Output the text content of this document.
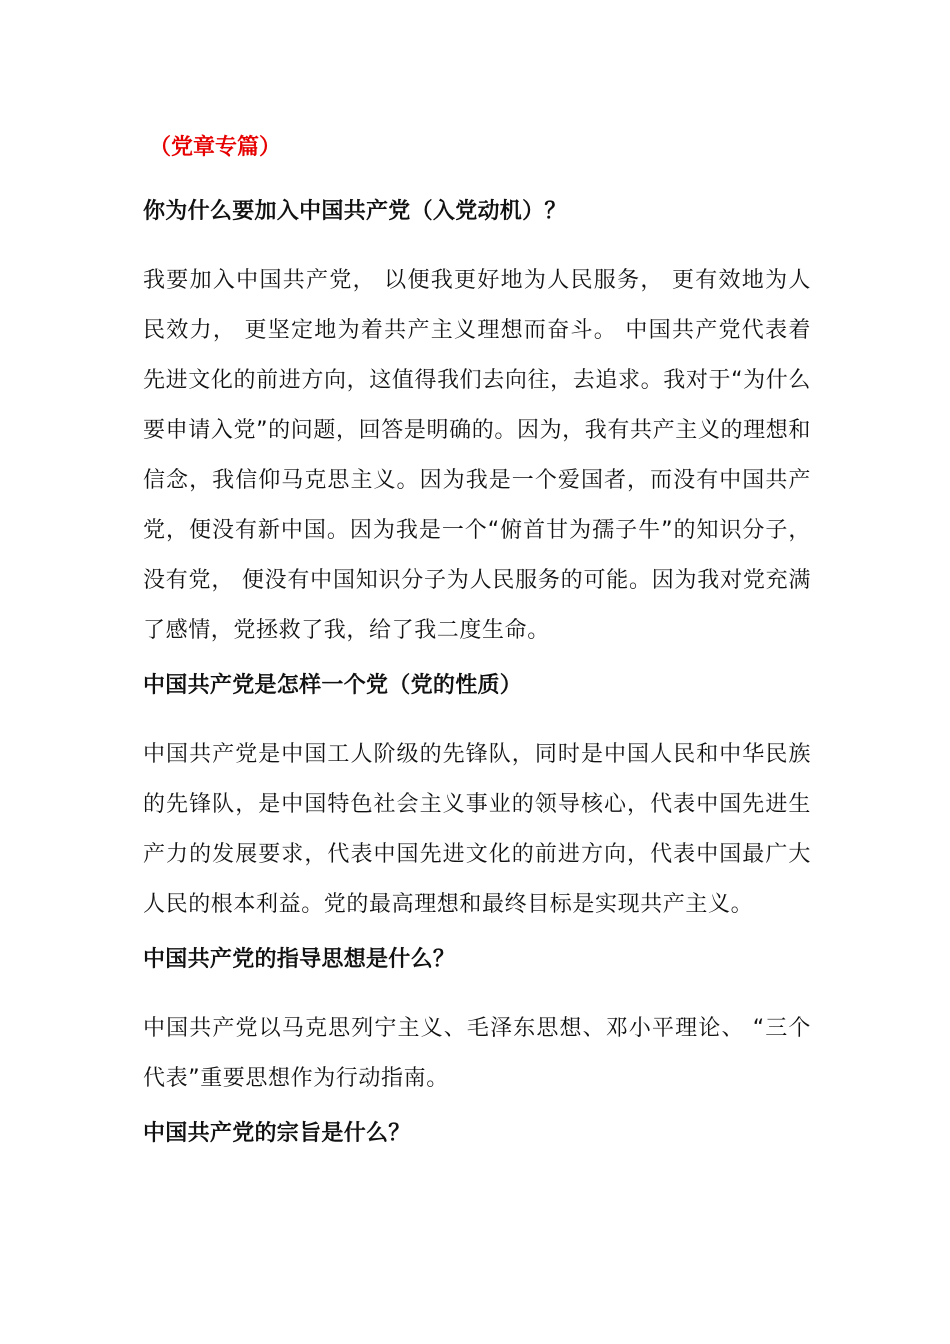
（党章专篇）
你为什么要加入中国共产党（入党动机）？
我要加入中国共产党， 以便我更好地为人民服务， 更有效地为人民效力， 更坚定地为着共产主义理想而奋斗。 中国共产党代表着先进文化的前进方向，这值得我们去向往，去追求。我对于“为什么要申请入党”的问题，回答是明确的。因为，我有共产主义的理想和信念，我信仰马克思主义。因为我是一个爱国者，而没有中国共产党，便没有新中国。因为我是一个“俯首甘为孺子牛”的知识分子， 没有党， 便没有中国知识分子为人民服务的可能。因为我对党充满了感情，党拯救了我，给了我二度生命。
中国共产党是怎样一个党（党的性质）
中国共产党是中国工人阶级的先锋队，同时是中国人民和中华民族的先锋队，是中国特色社会主义事业的领导核心，代表中国先进生产力的发展要求，代表中国先进文化的前进方向，代表中国最广大人民的根本利益。党的最高理想和最终目标是实现共产主义。
中国共产党的指导思想是什么？
中国共产党以马克思列宁主义、毛泽东思想、邓小平理论、 “三个代表”重要思想作为行动指南。
中国共产党的宗旨是什么？
